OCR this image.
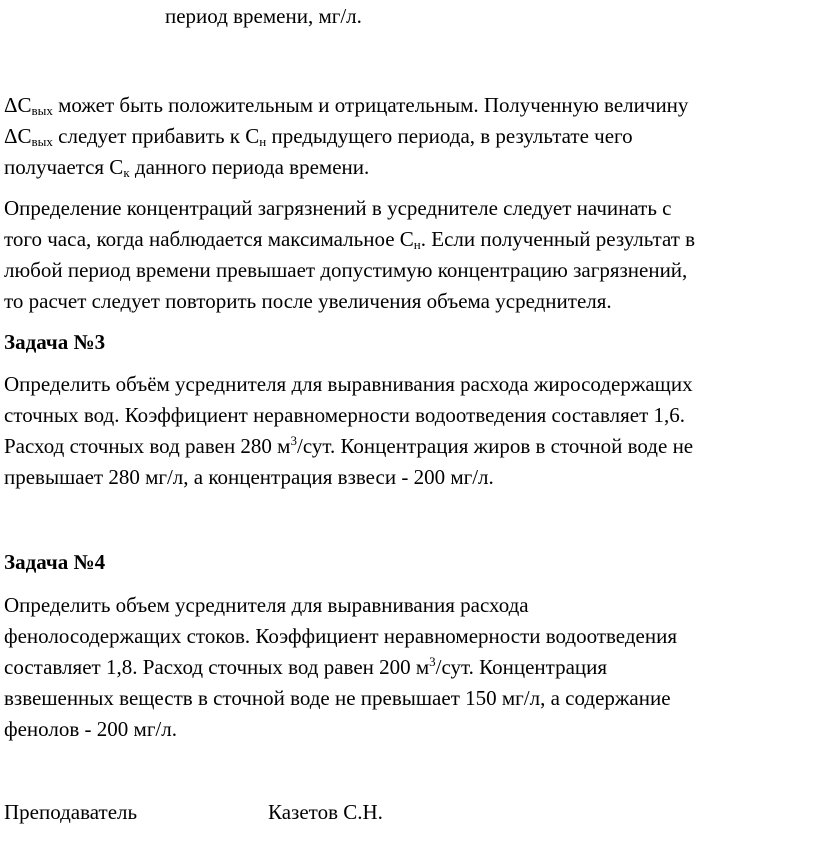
период времени, мг/л.
$\Delta C_{вых}$ может быть положительным и отрицательным. Полученную величину
$\Delta C_{вых}$ следует прибавить к $C_н$ предыдущего периода, в результате чего
получается $C_к$ данного периода времени.
Определение концентраций загрязнений в усреднителе следует начинать с
того часа, когда наблюдается максимальное $C_н$. Если полученный результат в
любой период времени превышает допустимую концентрацию загрязнений,
то расчет следует повторить после увеличения объема усреднителя.
Задача №3
Определить объём усреднителя для выравнивания расхода жиросодержащих
сточных вод. Коэффициент неравномерности водоотведения составляет 1,6.
Расход сточных вод равен 280 $м^3$/сут. Концентрация жиров в сточной воде не
превышает 280 мг/л, а концентрация взвеси - 200 мг/л.
Задача №4
Определить объем усреднителя для выравнивания расхода
фенолосодержащих стоков. Коэффициент неравномерности водоотведения
составляет 1,8. Расход сточных вод равен 200 $м^3$/сут. Концентрация
взвешенных веществ в сточной воде не превышает 150 мг/л, а содержание
фенолов - 200 мг/л.
Преподаватель	Казетов С.Н.
